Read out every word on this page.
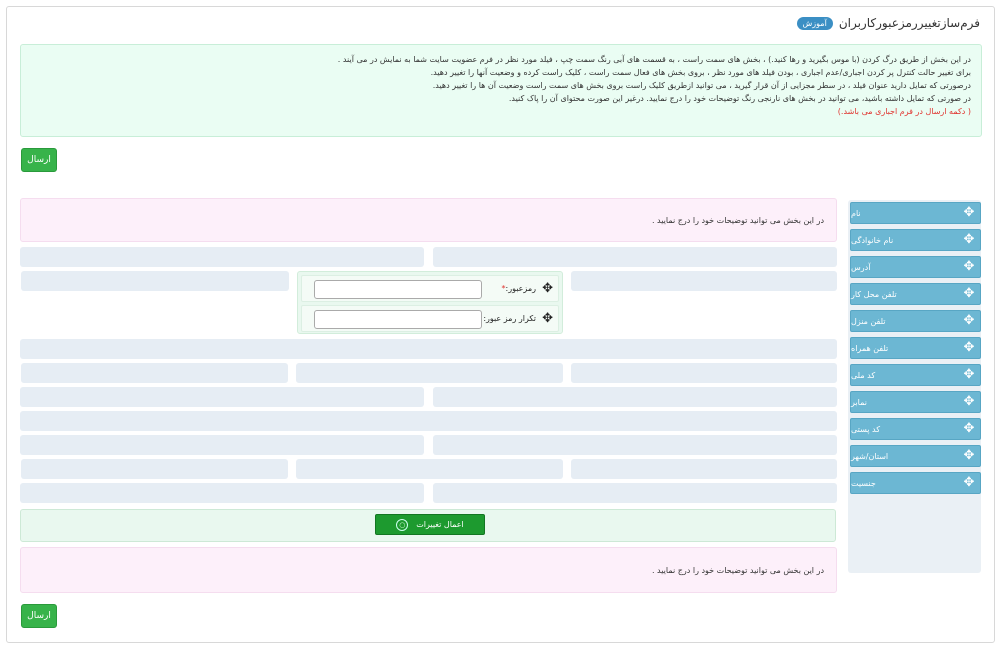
فرم‌ساز‌تغییر‌رمز‌عبور‌کاربران
آموزش
در این بخش از طریق درگ کردن (با موس بگیرید و رها کنید.) ، بخش های سمت راست ، به قسمت های آبی رنگ سمت چپ ، فیلد مورد نظر در فرم عضویت سایت شما به نمایش در می آیند .
برای تغییر حالت کنترل پر کردن اجباری/عدم اجباری ، بودن فیلد های مورد نظر ، بروی بخش های فعال سمت راست ، کلیک راست کرده و وضعیت آنها را تغییر دهید.
درصورتی که تمایل دارید عنوان فیلد ، در سطر مجزایی از آن قرار گیرید ، می توانید ازطریق کلیک راست بروی بخش های سمت راست وضعیت آن ها را تغییر دهید.
در صورتی که تمایل داشته باشید، می توانید در بخش های نارنجی رنگ توضیحات خود را درج نمایید. درغیر این صورت محتوای آن را پاک کنید.
( دکمه ارسال در فرم اجباری می باشد.)
ارسال
✥
نام
✥
نام خانوادگی
✥
آدرس
✥
تلفن محل کار
✥
تلفن منزل
✥
تلفن همراه
✥
کد ملی
✥
نمابر
✥
کد پستی
✥
استان/شهر
✥
جنسیت
در این بخش می توانید توضیحات خود را درج نمایید .
✥
رمزعبور:*
✥
تکرار رمز عبور:
○	اعمال تغییرات
در این بخش می توانید توضیحات خود را درج نمایید .
ارسال
